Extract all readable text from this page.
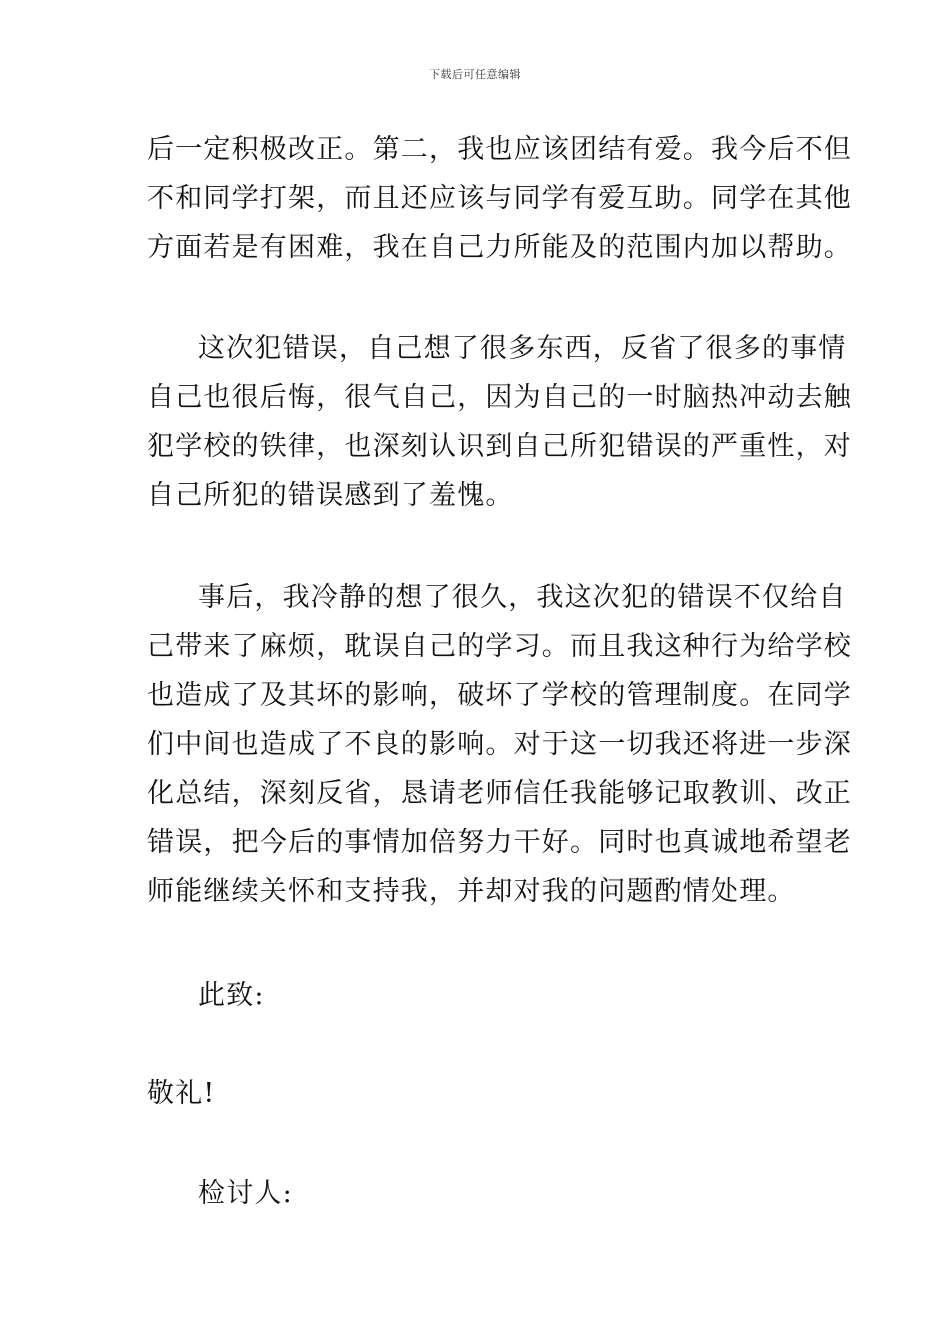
下载后可任意编辑
后一定积极改正。第二，我也应该团结有爱。我今后不但
不和同学打架，而且还应该与同学有爱互助。同学在其他
方面若是有困难，我在自己力所能及的范围内加以帮助。
这次犯错误，自己想了很多东西，反省了很多的事情
自己也很后悔，很气自己，因为自己的一时脑热冲动去触
犯学校的铁律，也深刻认识到自己所犯错误的严重性，对
自己所犯的错误感到了羞愧。
事后，我冷静的想了很久，我这次犯的错误不仅给自
己带来了麻烦，耽误自己的学习。而且我这种行为给学校
也造成了及其坏的影响，破坏了学校的管理制度。在同学
们中间也造成了不良的影响。对于这一切我还将进一步深
化总结，深刻反省，恳请老师信任我能够记取教训、改正
错误，把今后的事情加倍努力干好。同时也真诚地希望老
师能继续关怀和支持我，并却对我的问题酌情处理。
此致:
敬礼!
检讨人:
